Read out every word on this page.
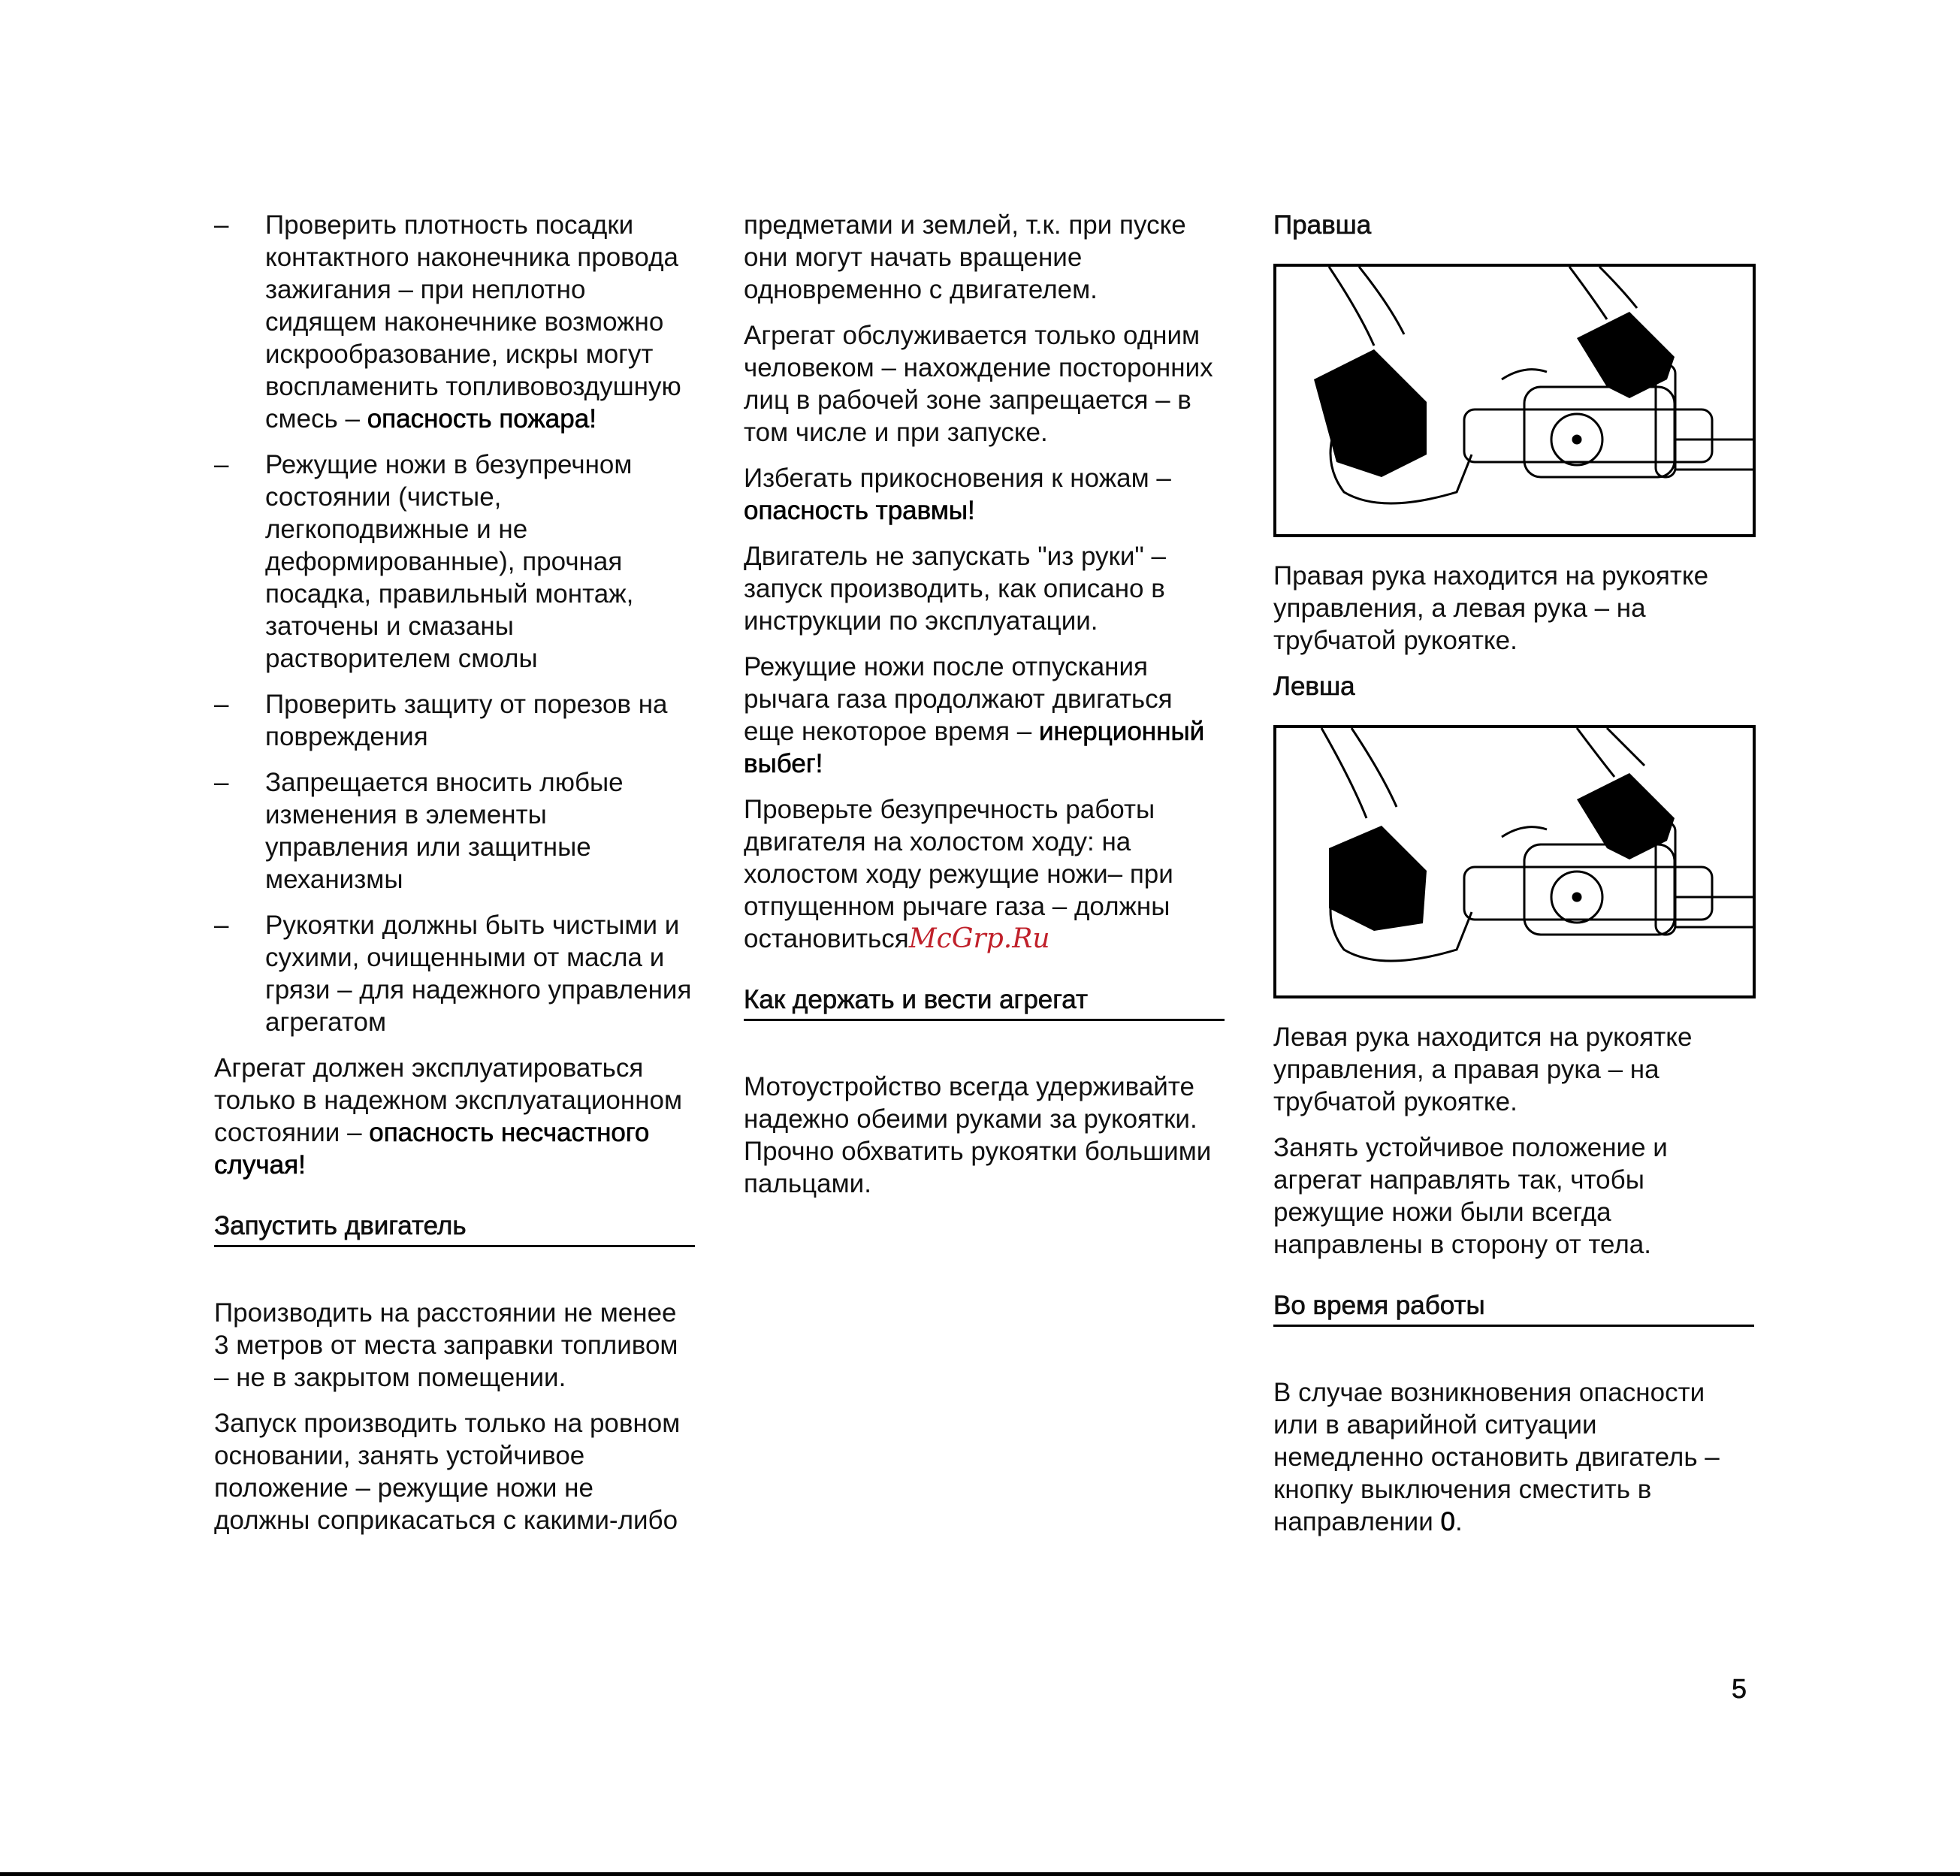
– Проверить плотность посадки контактного наконечника провода зажигания – при неплотно сидящем наконечнике возможно искрообразование, искры могут воспламенить топливовоздушную смесь – опасность пожара!
– Режущие ножи в безупречном состоянии (чистые, легкоподвижные и не деформированные), прочная посадка, правильный монтаж, заточены и смазаны растворителем смолы
– Проверить защиту от порезов на повреждения
– Запрещается вносить любые изменения в элементы управления или защитные механизмы
– Рукоятки должны быть чистыми и сухими, очищенными от масла и грязи – для надежного управления агрегатом

Агрегат должен эксплуатироваться только в надежном эксплуатационном состоянии – опасность несчастного случая!

Запустить двигатель

Производить на расстоянии не менее 3 метров от места заправки топливом – не в закрытом помещении.

Запуск производить только на ровном основании, занять устойчивое положение – режущие ножи не должны соприкасаться с какими-либо

предметами и землей, т.к. при пуске они могут начать вращение одновременно с двигателем.

Агрегат обслуживается только одним человеком – нахождение посторонних лиц в рабочей зоне запрещается – в том числе и при запуске.

Избегать прикосновения к ножам – опасность травмы!

Двигатель не запускать "из руки" – запуск производить, как описано в инструкции по эксплуатации.

Режущие ножи после отпускания рычага газа продолжают двигаться еще некоторое время – инерционный выбег!

Проверьте безупречность работы двигателя на холостом ходу: на холостом ходу режущие ножи– при отпущенном рычаге газа – должны остановитьсяMcGrp.Ru

Как держать и вести агрегат

Мотоустройство всегда удерживайте надежно обеими руками за рукоятки. Прочно обхватить рукоятки большими пальцами.

Правша

Правая рука находится на рукоятке управления, а левая рука – на трубчатой рукоятке.

Левша

Левая рука находится на рукоятке управления, а правая рука – на трубчатой рукоятке.

Занять устойчивое положение и агрегат направлять так, чтобы режущие ножи были всегда направлены в сторону от тела.

Во время работы

В случае возникновения опасности или в аварийной ситуации немедленно остановить двигатель – кнопку выключения сместить в направлении 0.

5
